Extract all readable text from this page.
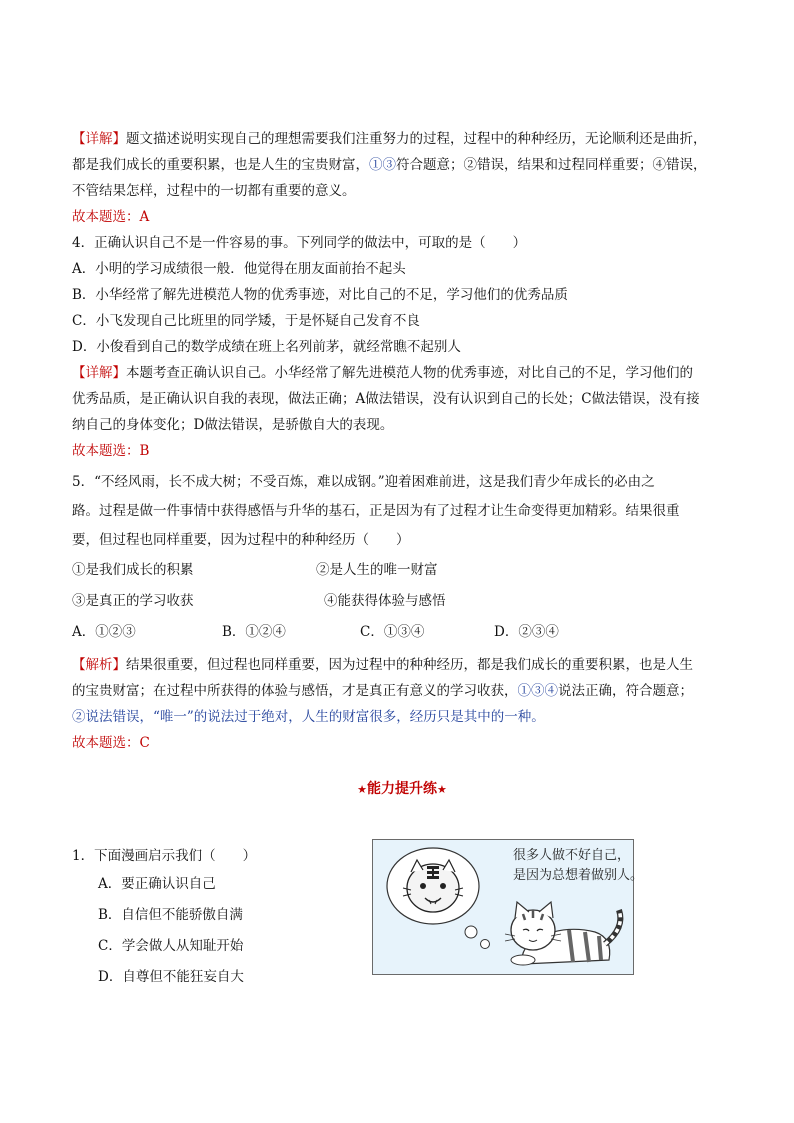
【详解】题文描述说明实现自己的理想需要我们注重努力的过程，过程中的种种经历，无论顺利还是曲折，
都是我们成长的重要积累，也是人生的宝贵财富，①③符合题意；②错误，结果和过程同样重要；④错误，
不管结果怎样，过程中的一切都有重要的意义。
故本题选：A
4．正确认识自己不是一件容易的事。下列同学的做法中，可取的是（　　）
A．小明的学习成绩很一般．他觉得在朋友面前抬不起头
B．小华经常了解先进模范人物的优秀事迹，对比自己的不足，学习他们的优秀品质
C．小飞发现自己比班里的同学矮，于是怀疑自己发育不良
D．小俊看到自己的数学成绩在班上名列前茅，就经常瞧不起别人
【详解】本题考查正确认识自己。小华经常了解先进模范人物的优秀事迹，对比自己的不足，学习他们的
优秀品质，是正确认识自我的表现，做法正确；A做法错误，没有认识到自己的长处；C做法错误，没有接
纳自己的身体变化；D做法错误，是骄傲自大的表现。
故本题选：B
5．“不经风雨，长不成大树；不受百炼，难以成钢。”迎着困难前进，这是我们青少年成长的必由之
路。过程是做一件事情中获得感悟与升华的基石，正是因为有了过程才让生命变得更加精彩。结果很重
要，但过程也同样重要，因为过程中的种种经历（　　）
①是我们成长的积累	②是人生的唯一财富
③是真正的学习收获	④能获得体验与感悟
A．①②③	B．①②④	C．①③④	D．②③④
【解析】结果很重要，但过程也同样重要，因为过程中的种种经历，都是我们成长的重要积累，也是人生
的宝贵财富；在过程中所获得的体验与感悟，才是真正有意义的学习收获，①③④说法正确，符合题意；
②说法错误，“唯一”的说法过于绝对，人生的财富很多，经历只是其中的一种。
故本题选：C
★能力提升练★
1．下面漫画启示我们（　　）
A．要正确认识自己
B．自信但不能骄傲自满
C．学会做人从知耻开始
D．自尊但不能狂妄自大
很多人做不好自己，
是因为总想着做别人。
